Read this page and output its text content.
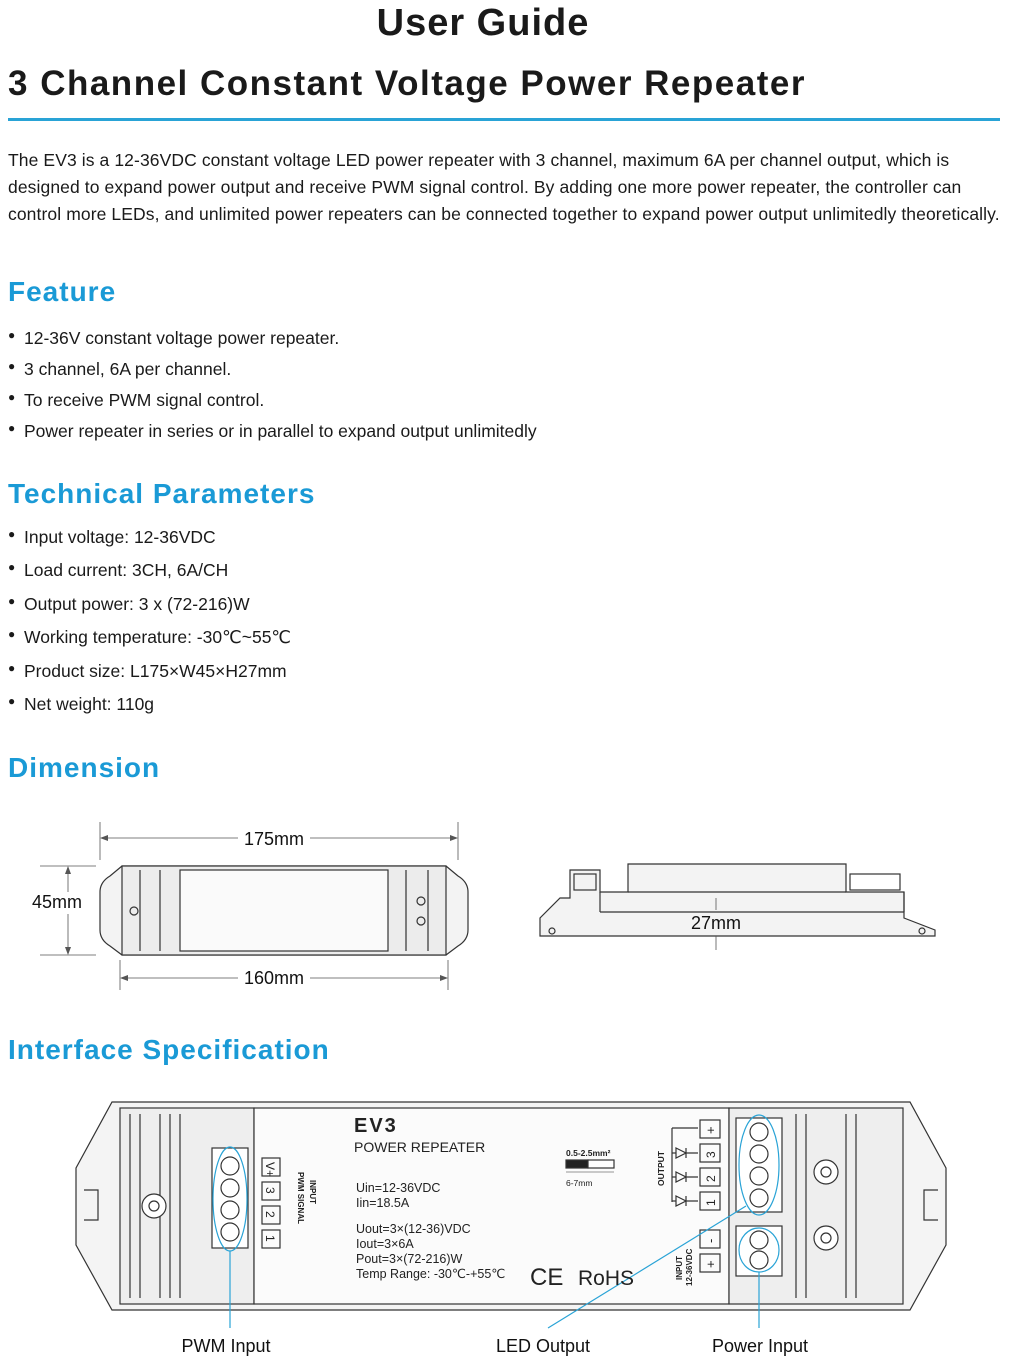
User Guide
3 Channel Constant Voltage Power Repeater
The EV3 is a 12-36VDC constant voltage LED power repeater with 3 channel, maximum 6A per channel output, which is designed to expand power output and receive PWM signal control. By adding one more power repeater, the controller can control more LEDs, and unlimited power repeaters can be connected together to expand power output unlimitedly theoretically.
Feature
● 12-36V constant voltage power repeater.
● 3 channel, 6A per channel.
● To receive PWM signal control.
● Power repeater in series or in parallel to expand output unlimitedly
Technical Parameters
● Input voltage: 12-36VDC
● Load current: 3CH, 6A/CH
● Output power: 3 x (72-216)W
● Working temperature: -30℃~55℃
● Product size: L175×W45×H27mm
● Net weight: 110g
Dimension
175mm
45mm
160mm
27mm
Interface Specification
EV3
POWER REPEATER	0.5-2.5mm²
6-7mm
Uin=12-36VDC
Iin=18.5A
Uout=3×(12-36)VDC
Iout=3×6A
Pout=3×(72-216)W
Temp Range: -30℃-+55℃ CE RoHS
INPUT
PWM SIGNAL
OUTPUT
INPUT 12-36VDC
V+
3
2
1
+
3
2
1
-
+
PWM Input	LED Output	Power Input
